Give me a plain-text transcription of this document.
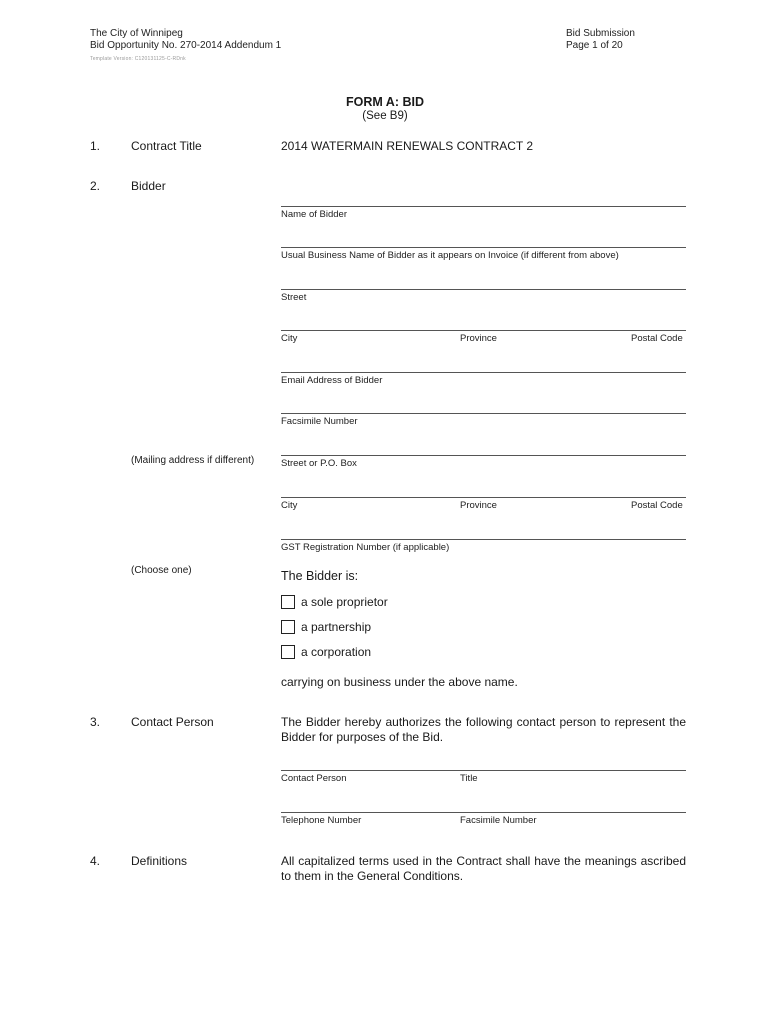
The City of Winnipeg
Bid Opportunity No. 270-2014 Addendum 1
Template Version: C120131125-C-RDnk
Bid Submission
Page 1 of 20
FORM A: BID
(See B9)
1.	Contract Title	2014 WATERMAIN RENEWALS CONTRACT 2
2.	Bidder
Name of Bidder
Usual Business Name of Bidder as it appears on Invoice (if different from above)
Street
City	Province	Postal Code
Email Address of Bidder
Facsimile Number
(Mailing address if different)	Street or P.O. Box
City	Province	Postal Code
GST Registration Number (if applicable)
(Choose one)	The Bidder is:
a sole proprietor
a partnership
a corporation
carrying on business under the above name.
3.	Contact Person	The Bidder hereby authorizes the following contact person to represent the Bidder for purposes of the Bid.
Contact Person	Title
Telephone Number	Facsimile Number
4.	Definitions	All capitalized terms used in the Contract shall have the meanings ascribed to them in the General Conditions.
